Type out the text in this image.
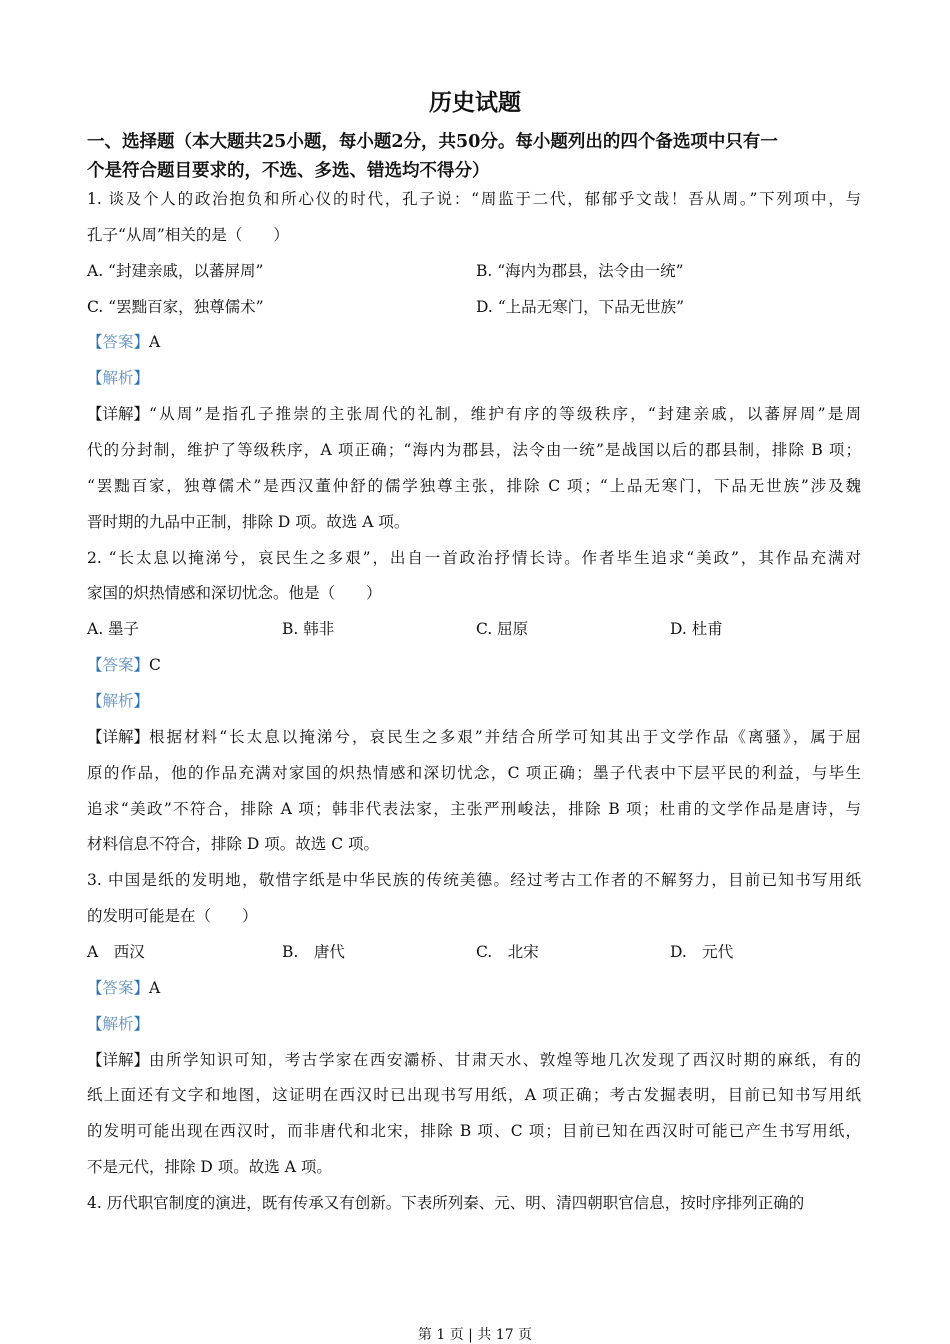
历史试题
一、选择题（本大题共25小题，每小题2分，共50分。每小题列出的四个备选项中只有一
个是符合题目要求的，不选、多选、错选均不得分）
1. 谈及个人的政治抱负和所心仪的时代，孔子说：“周监于二代，郁郁乎文哉！吾从周。”下列项中，与
孔子“从周”相关的是（　　）
A. “封建亲戚，以蕃屏周”	B. “海内为郡县，法令由一统”
C. “罢黜百家，独尊儒术”	D. “上品无寒门，下品无世族”
【答案】A
【解析】
【详解】 “从周”是指孔子推崇的主张周代的礼制，维护有序的等级秩序，“封建亲戚，以蕃屏周”是周
代的分封制，维护了等级秩序，A 项正确；“海内为郡县，法令由一统”是战国以后的郡县制，排除 B 项；
“罢黜百家，独尊儒术”是西汉董仲舒的儒学独尊主张，排除 C 项；“上品无寒门，下品无世族”涉及魏
晋时期的九品中正制，排除 D 项。故选 A 项。
2. “长太息以掩涕兮，哀民生之多艰”，出自一首政治抒情长诗。作者毕生追求“美政”，其作品充满对
家国的炽热情感和深切忧念。他是（　　）
A. 墨子	B. 韩非	C. 屈原	D. 杜甫
【答案】C
【解析】
【详解】 根据材料“长太息以掩涕兮，哀民生之多艰”并结合所学可知其出于文学作品《离骚》，属于屈
原的作品，他的作品充满对家国的炽热情感和深切忧念，C 项正确；墨子代表中下层平民的利益，与毕生
追求“美政”不符合，排除 A 项；韩非代表法家，主张严刑峻法，排除 B 项；杜甫的文学作品是唐诗，与
材料信息不符合，排除 D 项。故选 C 项。
3. 中国是纸的发明地，敬惜字纸是中华民族的传统美德。经过考古工作者的不解努力，目前已知书写用纸
的发明可能是在（　　）
A　西汉	B.　唐代	C.　北宋	D.　元代
【答案】A
【解析】
【详解】 由所学知识可知，考古学家在西安灞桥、甘肃天水、敦煌等地几次发现了西汉时期的麻纸，有的
纸上面还有文字和地图，这证明在西汉时已出现书写用纸，A 项正确；考古发掘表明，目前已知书写用纸
的发明可能出现在西汉时，而非唐代和北宋，排除 B 项、C 项；目前已知在西汉时可能已产生书写用纸，
不是元代，排除 D 项。故选 A 项。
4. 历代职官制度的演进，既有传承又有创新。下表所列秦、元、明、清四朝职官信息，按时序排列正确的
第 1 页 | 共 17 页
